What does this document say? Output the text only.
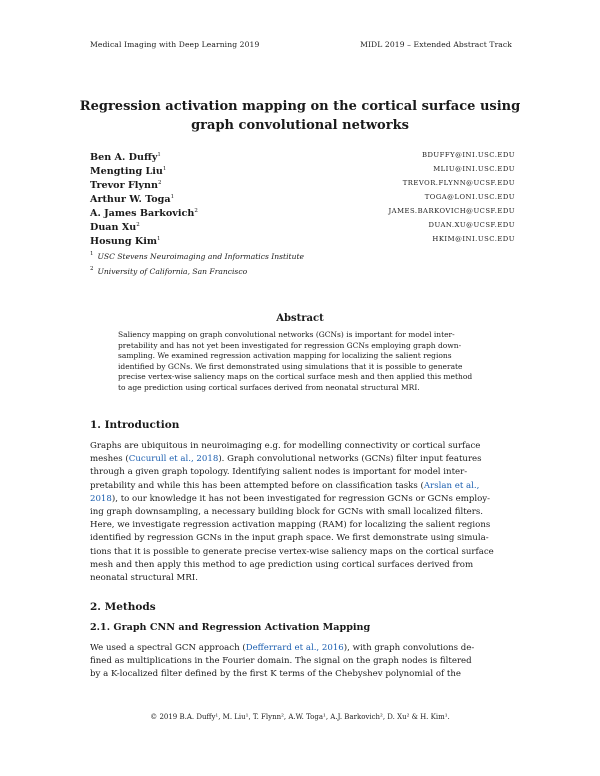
Medical Imaging with Deep Learning 2019	MIDL 2019 – Extended Abstract Track
Regression activation mapping on the cortical surface using
graph convolutional networks
Ben A. Duffy$^1$	BDUFFY@INI.USC.EDU
Mengting Liu$^1$	MLIU@INI.USC.EDU
Trevor Flynn$^2$	TREVOR.FLYNN@UCSF.EDU
Arthur W. Toga$^1$	TOGA@LONI.USC.EDU
A. James Barkovich$^2$	JAMES.BARKOVICH@UCSF.EDU
Duan Xu$^2$	DUAN.XU@UCSF.EDU
Hosung Kim$^1$	HKIM@INI.USC.EDU
$^1$ USC Stevens Neuroimaging and Informatics Institute
$^2$ University of California, San Francisco
Abstract
Saliency mapping on graph convolutional networks (GCNs) is important for model inter-
pretability and has not yet been investigated for regression GCNs employing graph down-
sampling. We examined regression activation mapping for localizing the salient regions
identified by GCNs. We first demonstrated using simulations that it is possible to generate
precise vertex-wise saliency maps on the cortical surface mesh and then applied this method
to age prediction using cortical surfaces derived from neonatal structural MRI.
1. Introduction
Graphs are ubiquitous in neuroimaging e.g. for modelling connectivity or cortical surface
meshes (Cucurull et al., 2018). Graph convolutional networks (GCNs) filter input features
through a given graph topology. Identifying salient nodes is important for model inter-
pretability and while this has been attempted before on classification tasks (Arslan et al.,
2018), to our knowledge it has not been investigated for regression GCNs or GCNs employ-
ing graph downsampling, a necessary building block for GCNs with small localized filters.
Here, we investigate regression activation mapping (RAM) for localizing the salient regions
identified by regression GCNs in the input graph space. We first demonstrate using simula-
tions that it is possible to generate precise vertex-wise saliency maps on the cortical surface
mesh and then apply this method to age prediction using cortical surfaces derived from
neonatal structural MRI.
2. Methods
2.1. Graph CNN and Regression Activation Mapping
We used a spectral GCN approach (Defferrard et al., 2016), with graph convolutions de-
fined as multiplications in the Fourier domain. The signal on the graph nodes is filtered
by a K-localized filter defined by the first K terms of the Chebyshev polynomial of the
© 2019 B.A. Duffy¹, M. Liu¹, T. Flynn², A.W. Toga¹, A.J. Barkovich², D. Xu² & H. Kim¹.
